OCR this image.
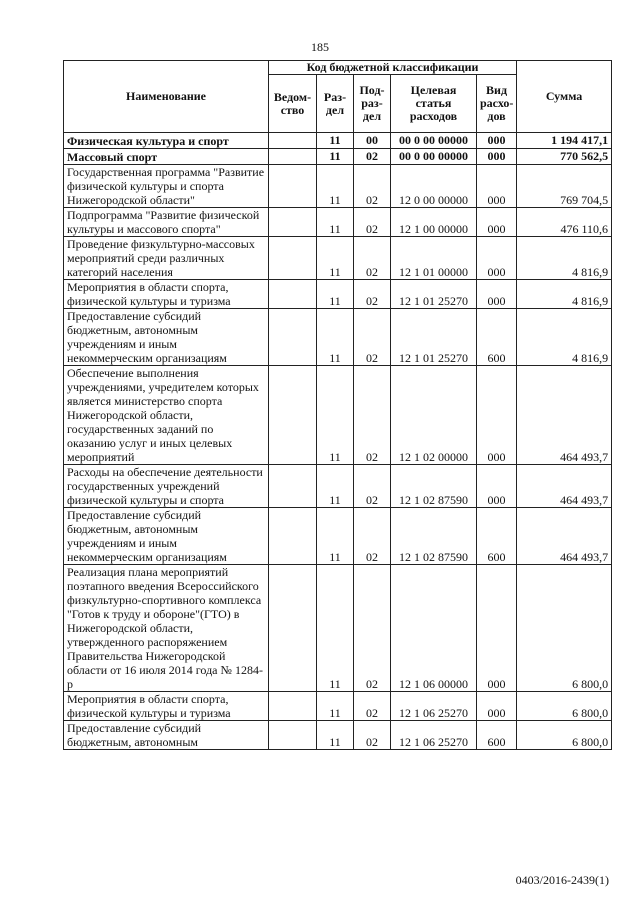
185
Наименование	Код бюджетной классификации					Сумма
	Ведом-ство	Раз-дел	Под-раз-дел	Целевая статья расходов	Вид расхо-дов	
Физическая культура и спорт		11	00	00 0 00 00000	000	1 194 417,1
Массовый спорт		11	02	00 0 00 00000	000	770 562,5
Государственная программа "Развитие физической культуры и спорта Нижегородской области"		11	02	12 0 00 00000	000	769 704,5
Подпрограмма "Развитие физической культуры и массового спорта"		11	02	12 1 00 00000	000	476 110,6
Проведение физкультурно-массовых мероприятий среди различных категорий населения		11	02	12 1 01 00000	000	4 816,9
Мероприятия в области спорта, физической культуры и туризма		11	02	12 1 01 25270	000	4 816,9
Предоставление субсидий бюджетным, автономным учреждениям и иным некоммерческим организациям		11	02	12 1 01 25270	600	4 816,9
Обеспечение выполнения учреждениями, учредителем которых является министерство спорта Нижегородской области, государственных заданий по оказанию услуг и иных целевых мероприятий		11	02	12 1 02 00000	000	464 493,7
Расходы на обеспечение деятельности государственных учреждений физической культуры и спорта		11	02	12 1 02 87590	000	464 493,7
Предоставление субсидий бюджетным, автономным учреждениям и иным некоммерческим организациям		11	02	12 1 02 87590	600	464 493,7
Реализация плана мероприятий поэтапного введения Всероссийского физкультурно-спортивного комплекса "Готов к труду и обороне"(ГТО) в Нижегородской области, утвержденного распоряжением Правительства Нижегородской области от 16 июля 2014 года № 1284-р		11	02	12 1 06 00000	000	6 800,0
Мероприятия в области спорта, физической культуры и туризма		11	02	12 1 06 25270	000	6 800,0
Предоставление субсидий бюджетным, автономным		11	02	12 1 06 25270	600	6 800,0
0403/2016-2439(1)
